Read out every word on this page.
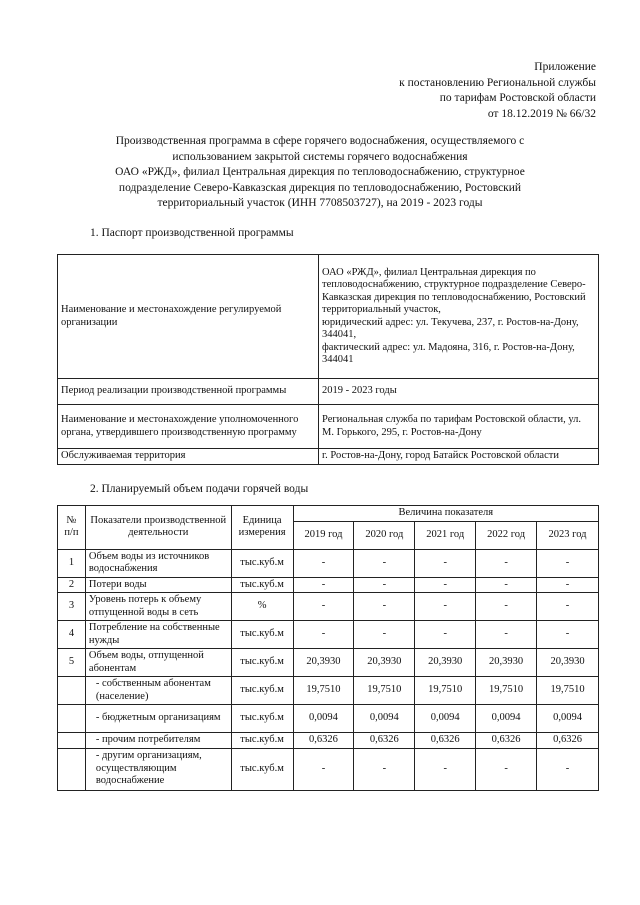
Приложение
к постановлению Региональной службы
по тарифам Ростовской области
от 18.12.2019 № 66/32
Производственная программа в сфере горячего водоснабжения, осуществляемого с
использованием закрытой системы горячего водоснабжения
ОАО «РЖД», филиал Центральная дирекция по тепловодоснабжению, структурное
подразделение Северо-Кавказская дирекция по тепловодоснабжению, Ростовский
территориальный участок (ИНН 7708503727), на 2019 - 2023 годы
1. Паспорт производственной программы
Наименование и местонахождение регулируемой организации	ОАО «РЖД», филиал Центральная дирекция по тепловодоснабжению, структурное подразделение Северо-Кавказская дирекция по тепловодоснабжению, Ростовский территориальный участок,
юридический адрес: ул. Текучева, 237, г. Ростов-на-Дону, 344041,
фактический адрес: ул. Мадояна, 316, г. Ростов-на-Дону, 344041

Период реализации производственной программы	2019 - 2023 годы

Наименование и местонахождение уполномоченного органа, утвердившего производственную программу	Региональная служба по тарифам Ростовской области, ул. М. Горького, 295, г. Ростов-на-Дону

Обслуживаемая территория	г. Ростов-на-Дону, город Батайск Ростовской области
2. Планируемый объем подачи горячей воды
№ п/п	Показатели производственной деятельности	Единица измерения	Величина показателя				
			2019 год	2020 год	2021 год	2022 год	2023 год
1	Объем воды из источников водоснабжения	тыс.куб.м	-	-	-	-	-
2	Потери воды	тыс.куб.м	-	-	-	-	-
3	Уровень потерь к объему отпущенной воды в сеть	%	-	-	-	-	-
4	Потребление на собственные нужды	тыс.куб.м	-	-	-	-	-
5	Объем воды, отпущенной абонентам	тыс.куб.м	20,3930	20,3930	20,3930	20,3930	20,3930
	- собственным абонентам (население)	тыс.куб.м	19,7510	19,7510	19,7510	19,7510	19,7510
	- бюджетным организациям	тыс.куб.м	0,0094	0,0094	0,0094	0,0094	0,0094
	- прочим потребителям	тыс.куб.м	0,6326	0,6326	0,6326	0,6326	0,6326
	- другим организациям, осуществляющим водоснабжение	тыс.куб.м	-	-	-	-	-
